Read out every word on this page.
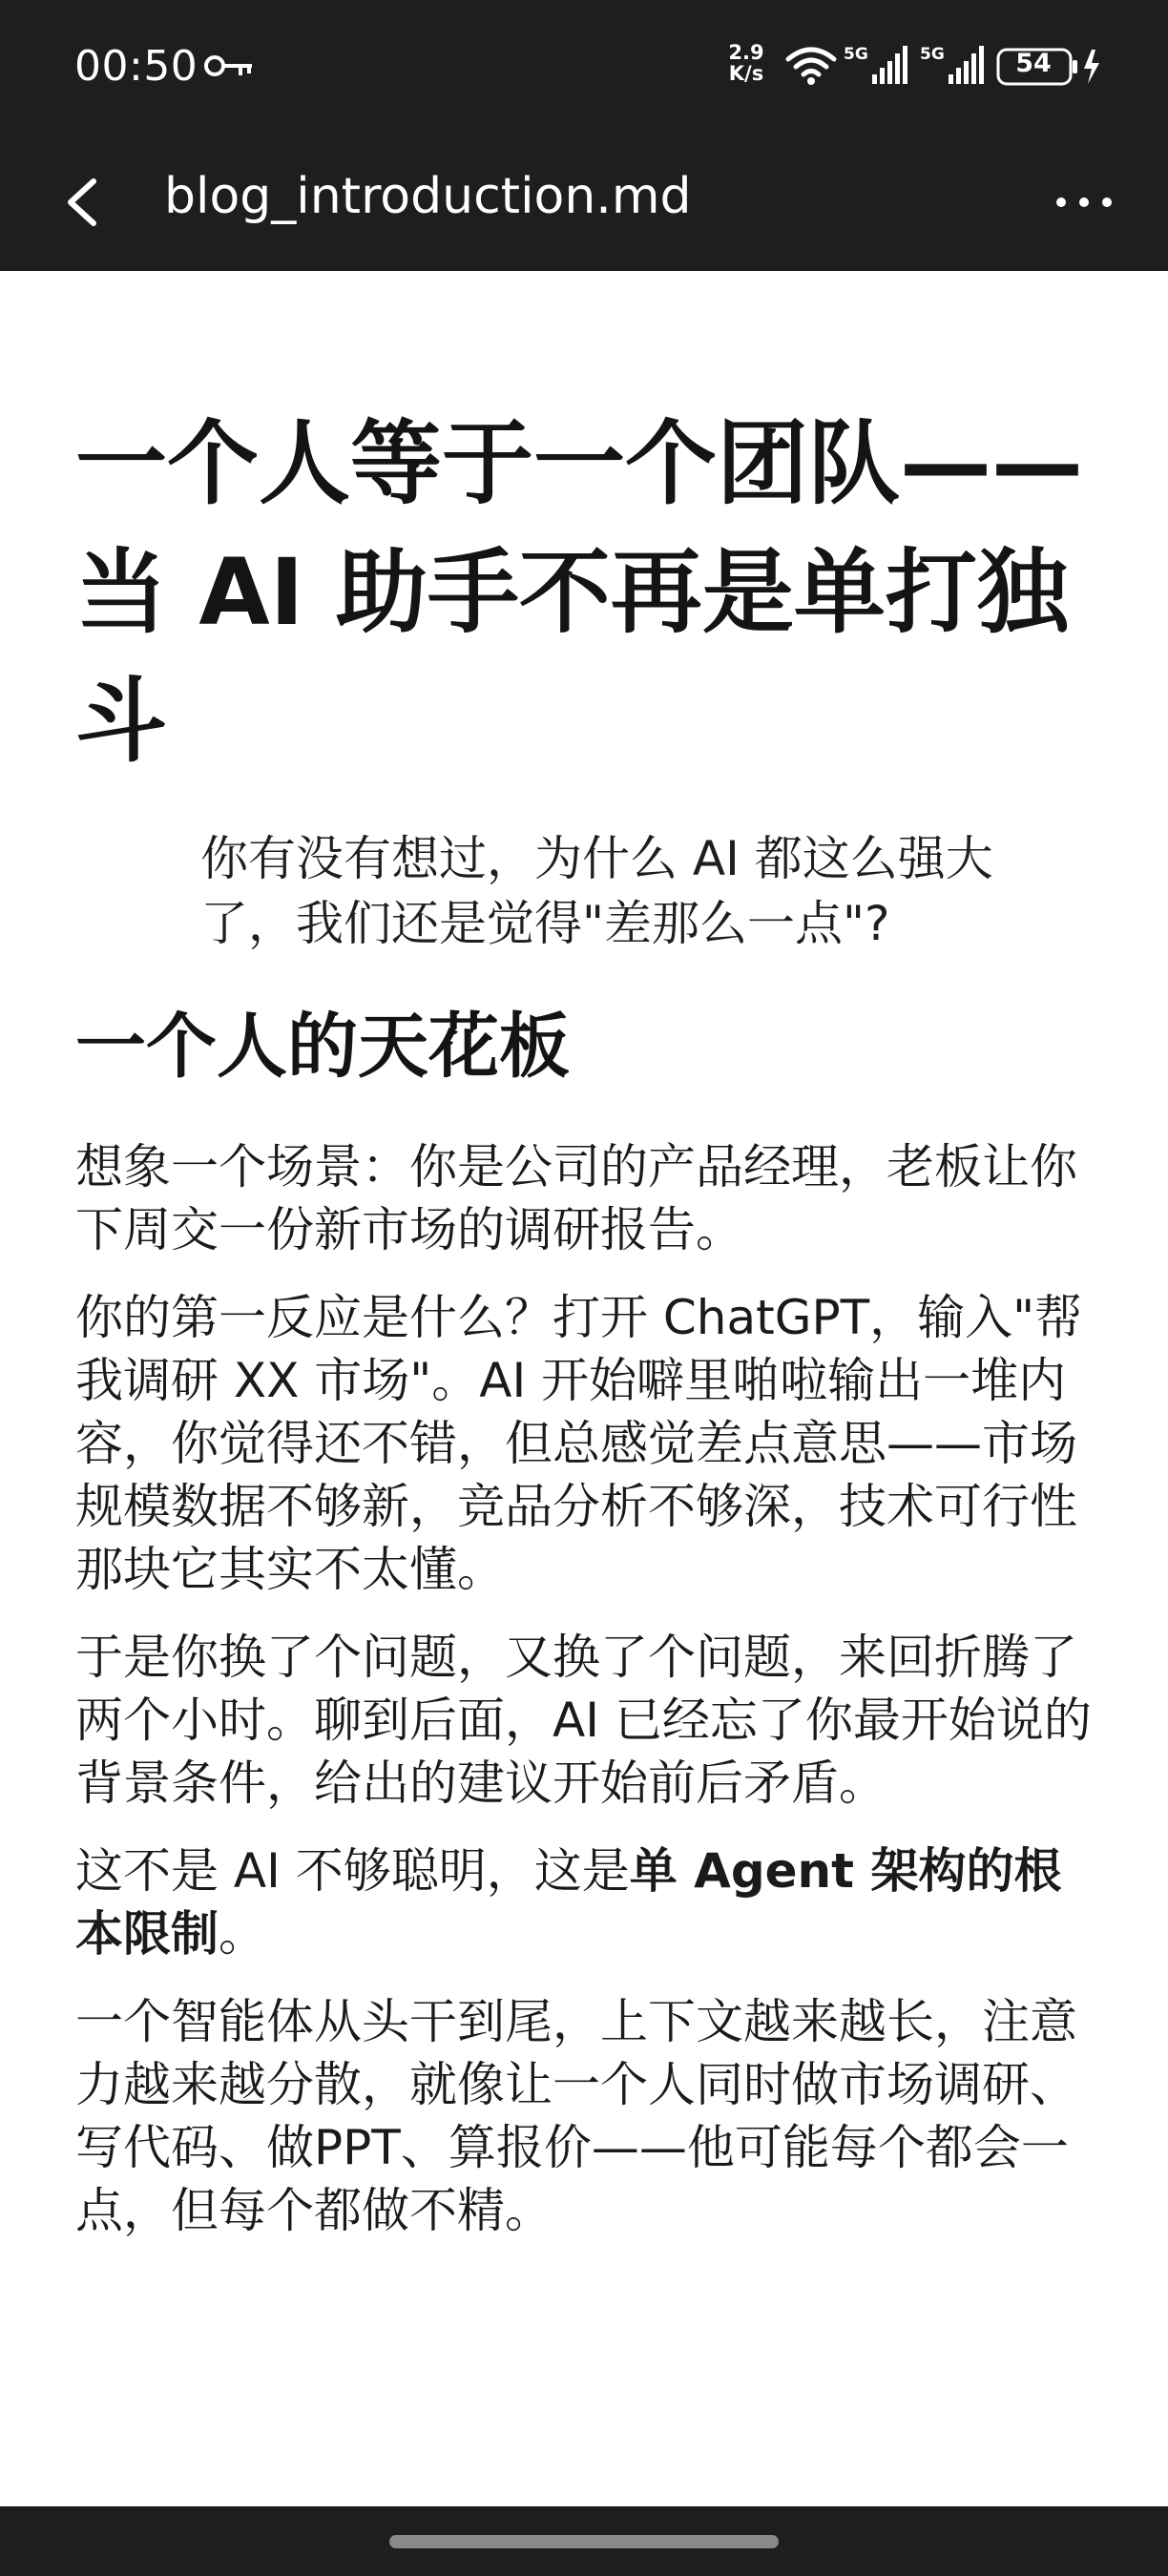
00:50	2.9
K/s
5G	5G	54
blog_introduction.md
一个人等于一个团队——当 AI 助手不再是单打独斗
你有没有想过，为什么 AI 都这么强大了，我们还是觉得"差那么一点"?
一个人的天花板

想象一个场景：你是公司的产品经理，老板让你下周交一份新市场的调研报告。

你的第一反应是什么？打开 ChatGPT，输入"帮我调研 XX 市场"。AI 开始噼里啪啦输出一堆内容，你觉得还不错，但总感觉差点意思——市场规模数据不够新，竞品分析不够深，技术可行性那块它其实不太懂。

于是你换了个问题，又换了个问题，来回折腾了两个小时。聊到后面，AI 已经忘了你最开始说的背景条件，给出的建议开始前后矛盾。

这不是 AI 不够聪明，这是单 Agent 架构的根本限制。

一个智能体从头干到尾，上下文越来越长，注意力越来越分散，就像让一个人同时做市场调研、写代码、做PPT、算报价——他可能每个都会一点，但每个都做不精。
